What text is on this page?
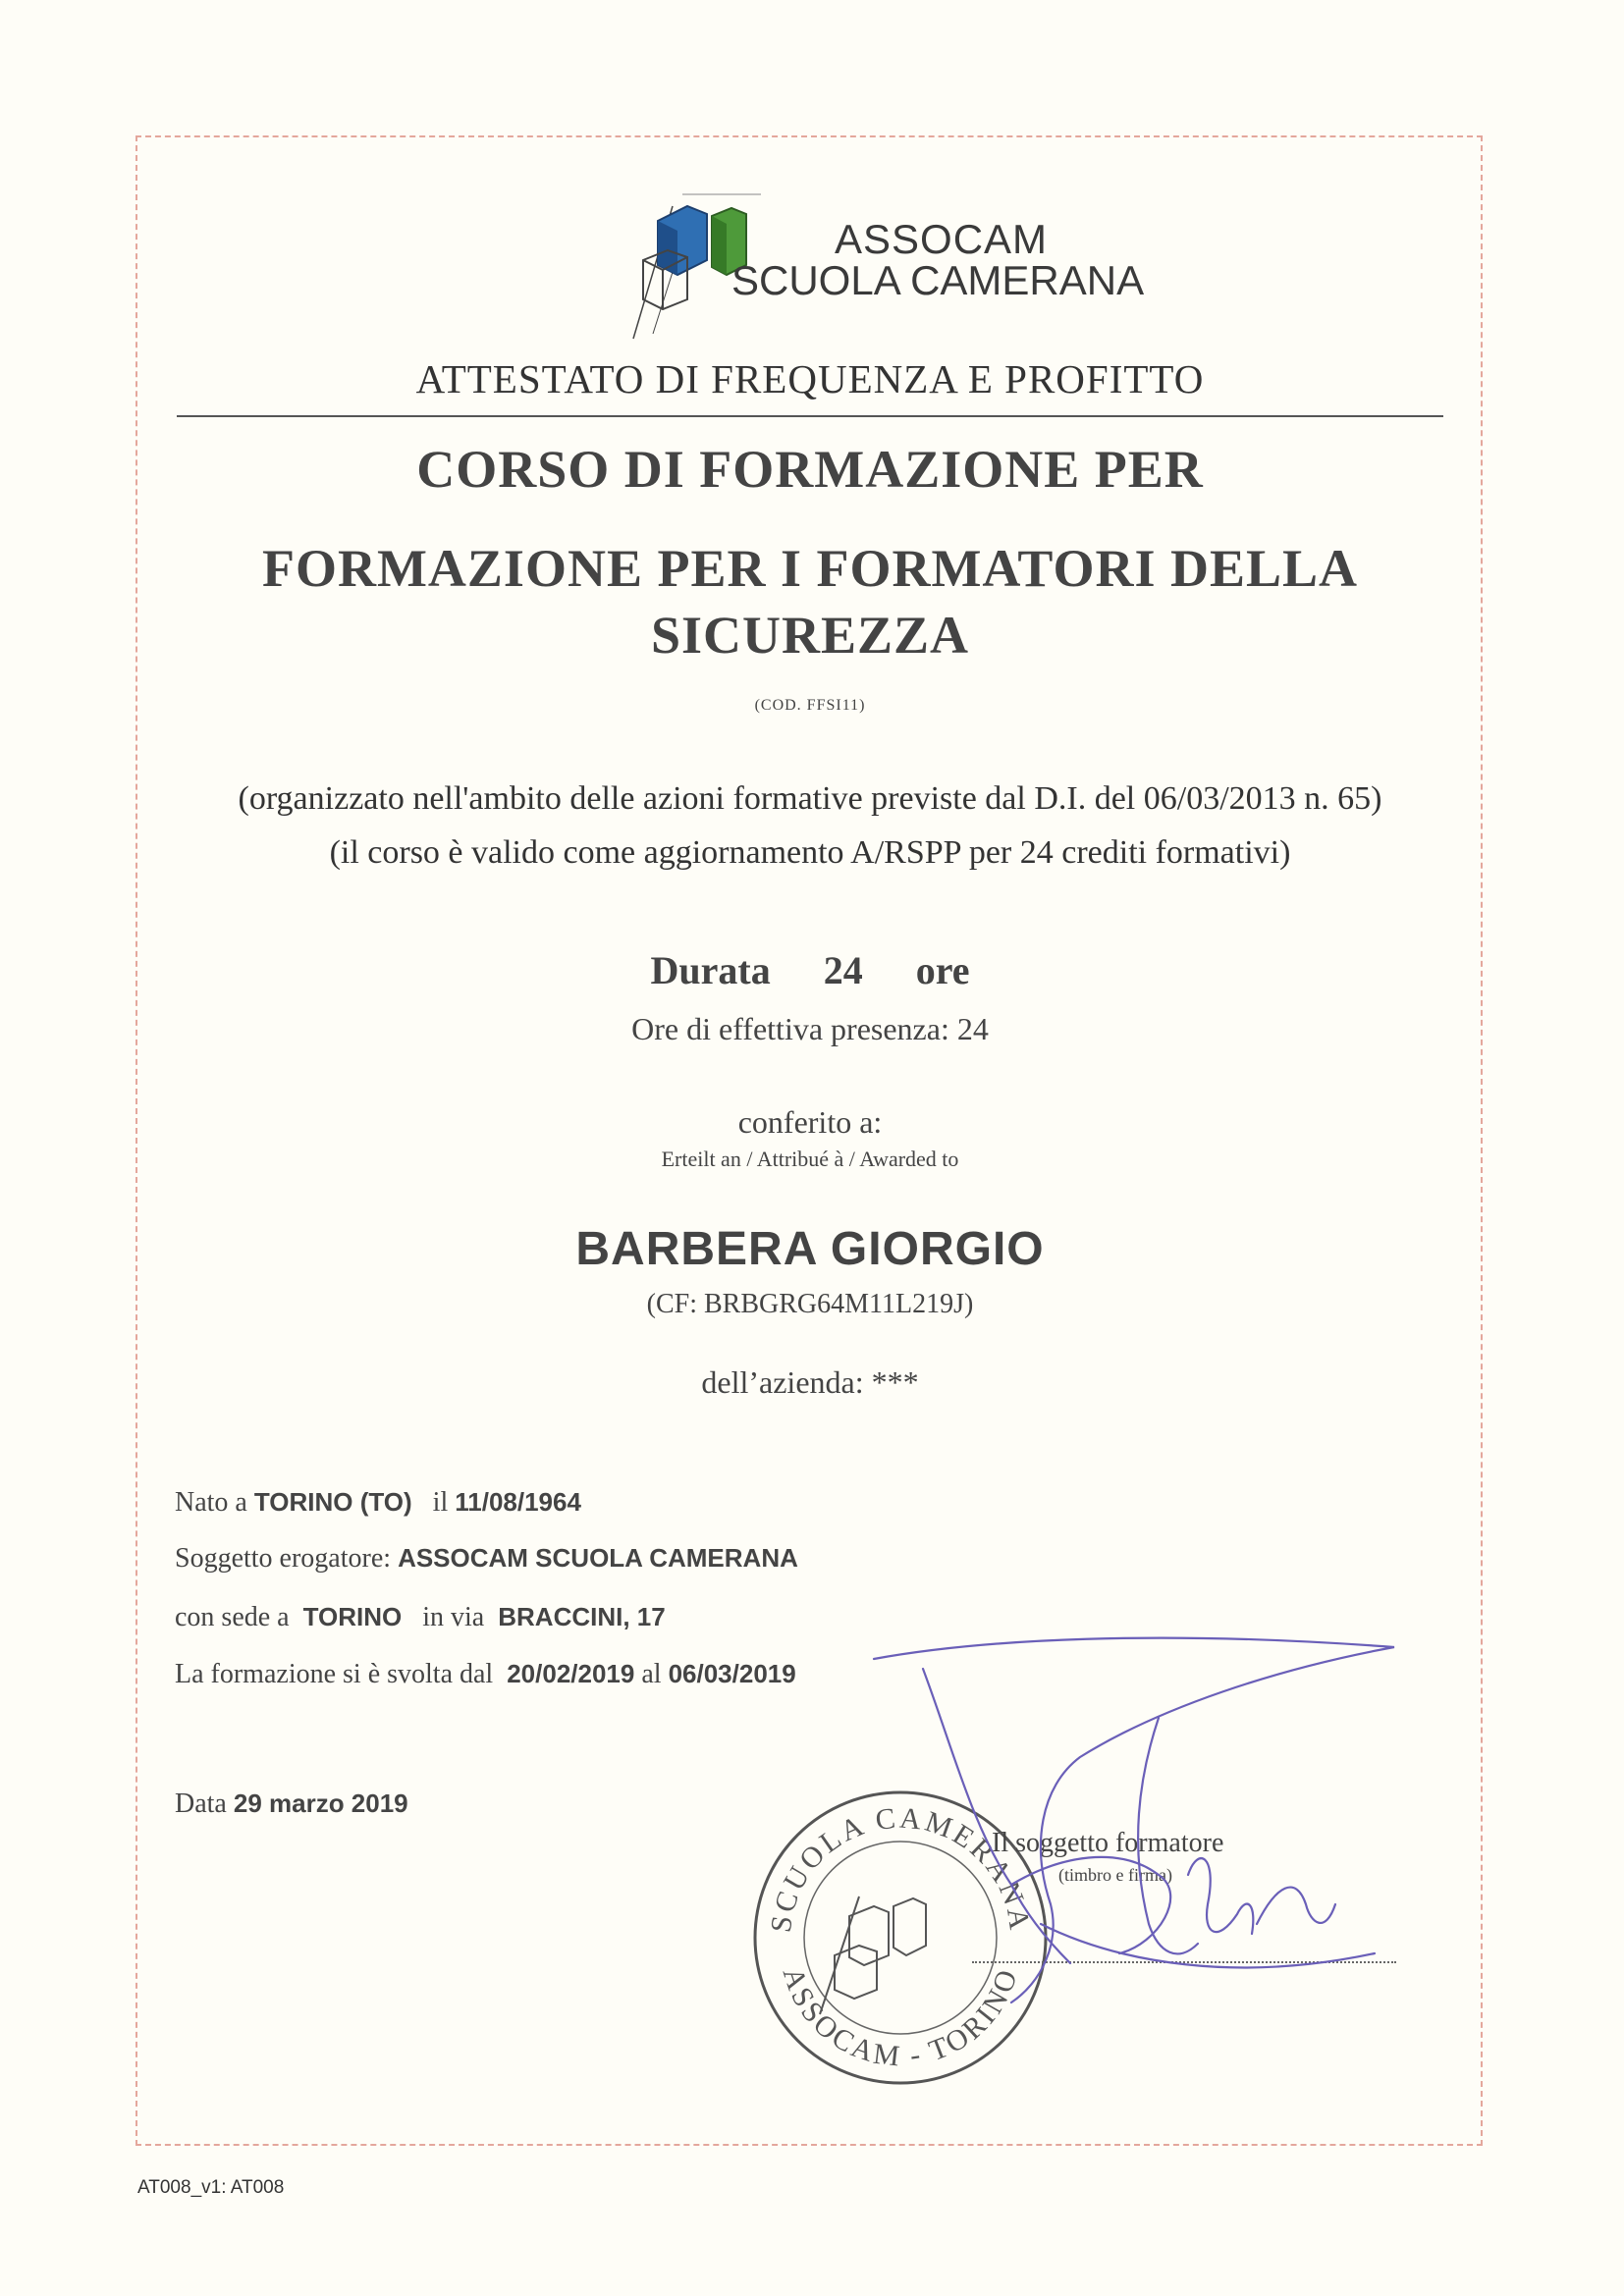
ASSOCAM
SCUOLA CAMERANA
ATTESTATO DI FREQUENZA E PROFITTO
CORSO DI FORMAZIONE PER
FORMAZIONE PER I FORMATORI DELLA
SICUREZZA
(COD. FFSI11)
(organizzato nell'ambito delle azioni formative previste dal D.I. del 06/03/2013 n. 65)
(il corso è valido come aggiornamento A/RSPP per 24 crediti formativi)
Durata 24 ore
Ore di effettiva presenza: 24
conferito a:
Erteilt an / Attribué à / Awarded to
BARBERA GIORGIO
(CF: BRBGRG64M11L219J)
dell’azienda: ***
Nato a TORINO (TO) il 11/08/1964
Soggetto erogatore: ASSOCAM SCUOLA CAMERANA
con sede a TORINO in via BRACCINI, 17
La formazione si è svolta dal 20/02/2019 al 06/03/2019
Data 29 marzo 2019
SCUOLA CAMERANA
ASSOCAM - TORINO
Il soggetto formatore
(timbro e firma)
AT008_v1: AT008
